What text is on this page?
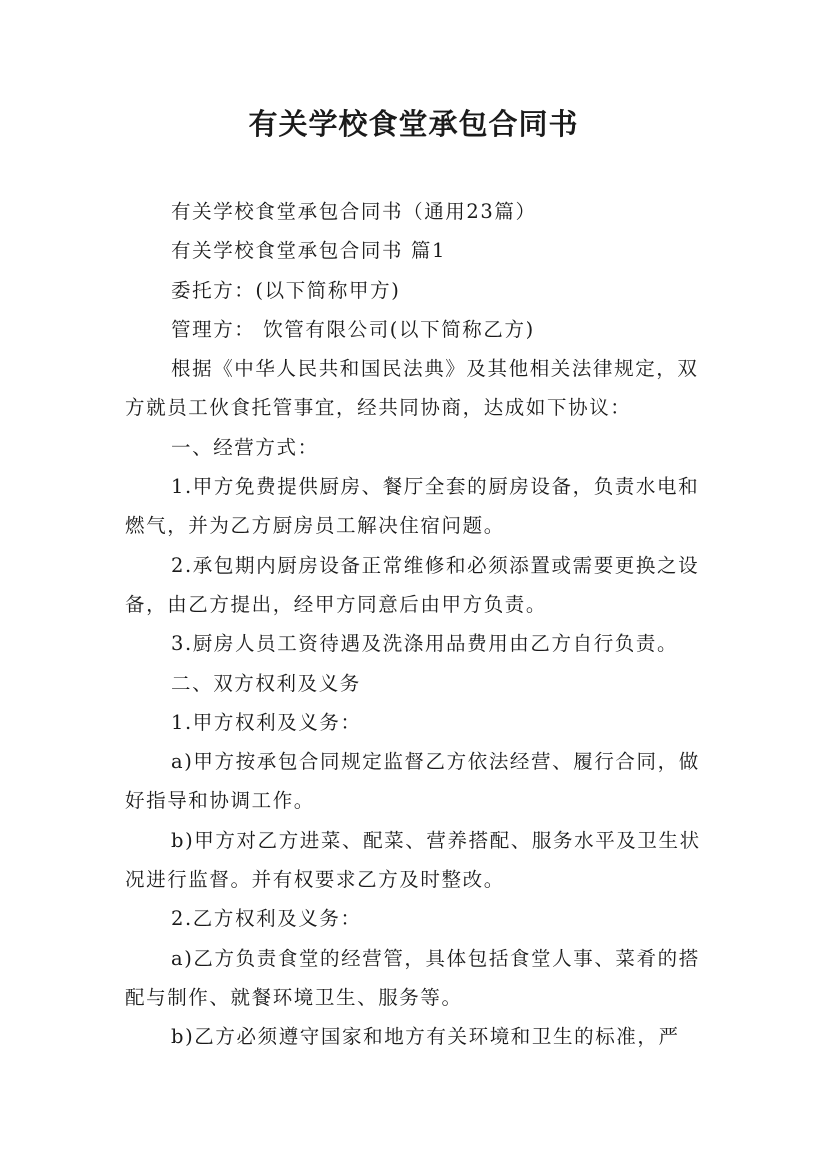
有关学校食堂承包合同书

有关学校食堂承包合同书（通用23篇）

有关学校食堂承包合同书 篇1

委托方：(以下简称甲方)

管理方： 饮管有限公司(以下简称乙方)

根据《中华人民共和国民法典》及其他相关法律规定，双方就员工伙食托管事宜，经共同协商，达成如下协议：

一、经营方式：

1.甲方免费提供厨房、餐厅全套的厨房设备，负责水电和燃气，并为乙方厨房员工解决住宿问题。

2.承包期内厨房设备正常维修和必须添置或需要更换之设备，由乙方提出，经甲方同意后由甲方负责。

3.厨房人员工资待遇及洗涤用品费用由乙方自行负责。

二、双方权利及义务

1.甲方权利及义务：

a)甲方按承包合同规定监督乙方依法经营、履行合同，做好指导和协调工作。

b)甲方对乙方进菜、配菜、营养搭配、服务水平及卫生状况进行监督。并有权要求乙方及时整改。

2.乙方权利及义务：

a)乙方负责食堂的经营管，具体包括食堂人事、菜肴的搭配与制作、就餐环境卫生、服务等。

b)乙方必须遵守国家和地方有关环境和卫生的标准，严
